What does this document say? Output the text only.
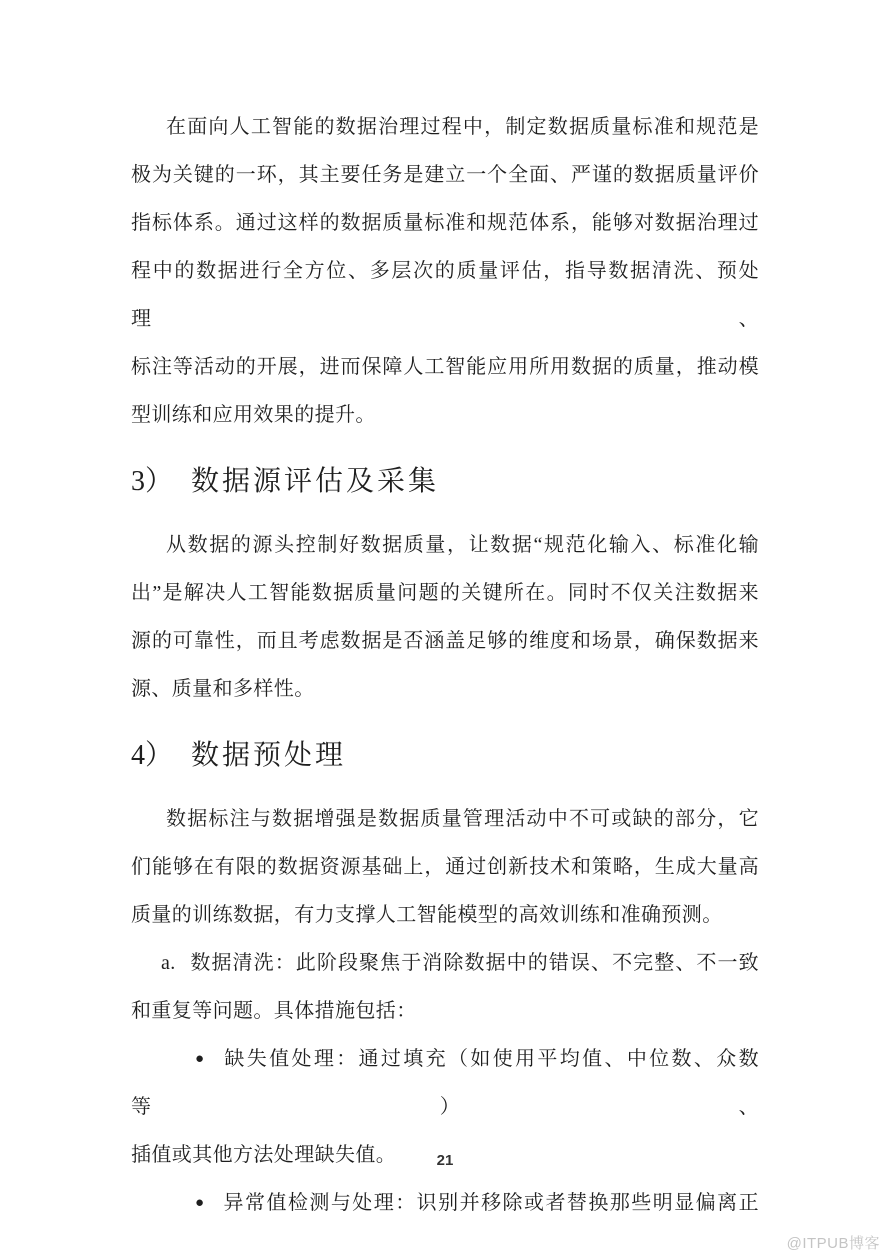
在面向人工智能的数据治理过程中，制定数据质量标准和规范是
极为关键的一环，其主要任务是建立一个全面、严谨的数据质量评价
指标体系。通过这样的数据质量标准和规范体系，能够对数据治理过
程中的数据进行全方位、多层次的质量评估，指导数据清洗、预处理、
标注等活动的开展，进而保障人工智能应用所用数据的质量，推动模
型训练和应用效果的提升。

3） 数据源评估及采集

从数据的源头控制好数据质量，让数据“规范化输入、标准化输
出”是解决人工智能数据质量问题的关键所在。同时不仅关注数据来
源的可靠性，而且考虑数据是否涵盖足够的维度和场景，确保数据来
源、质量和多样性。

4） 数据预处理

数据标注与数据增强是数据质量管理活动中不可或缺的部分，它
们能够在有限的数据资源基础上，通过创新技术和策略，生成大量高
质量的训练数据，有力支撑人工智能模型的高效训练和准确预测。

a. 数据清洗：此阶段聚焦于消除数据中的错误、不完整、不一致
和重复等问题。具体措施包括：

● 缺失值处理：通过填充（如使用平均值、中位数、众数等）、
插值或其他方法处理缺失值。

● 异常值检测与处理：识别并移除或者替换那些明显偏离正

21
@ITPUB博客
